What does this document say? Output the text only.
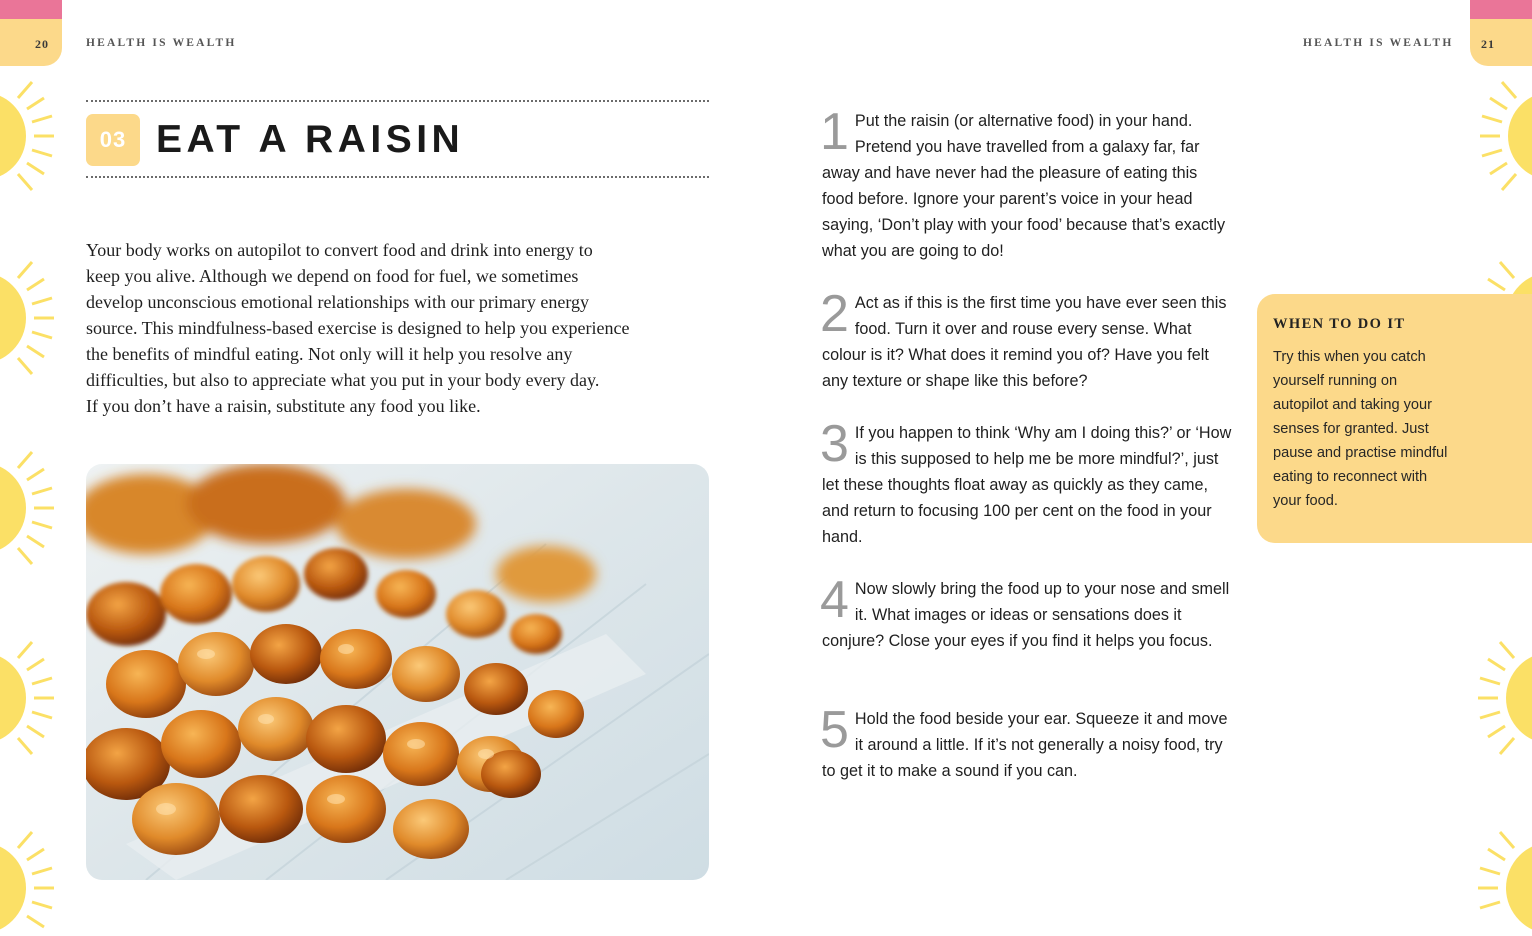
20	HEALTH IS WEALTH
03 EAT A RAISIN

Your body works on autopilot to convert food and drink into energy to

keep you alive. Although we depend on food for fuel, we sometimes

develop unconscious emotional relationships with our primary energy

source. This mindfulness-based exercise is designed to help you experience

the benefits of mindful eating. Not only will it help you resolve any

difficulties, but also to appreciate what you put in your body every day.

If you don’t have a raisin, substitute any food you like.

HEALTH IS WEALTH 21
1 Put the raisin (or alternative food) in your hand. Pretend you have travelled from a galaxy far, far away and have never had the pleasure of eating this food before. Ignore your parent’s voice in your head saying, ‘Don’t play with your food’ because that’s exactly what you are going to do!
2 Act as if this is the first time you have ever seen this food. Turn it over and rouse every sense. What colour is it? What does it remind you of? Have you felt any texture or shape like this before?
3 If you happen to think ‘Why am I doing this?’ or ‘How is this supposed to help me be more mindful?’, just let these thoughts float away as quickly as they came, and return to focusing 100 per cent on the food in your hand.
4 Now slowly bring the food up to your nose and smell it. What images or ideas or sensations does it conjure? Close your eyes if you find it helps you focus.
5 Hold the food beside your ear. Squeeze it and move it around a little. If it’s not generally a noisy food, try to get it to make a sound if you can.
WHEN TO DO IT
Try this when you catch
yourself running on
autopilot and taking your
senses for granted. Just
pause and practise mindful
eating to reconnect with
your food.
